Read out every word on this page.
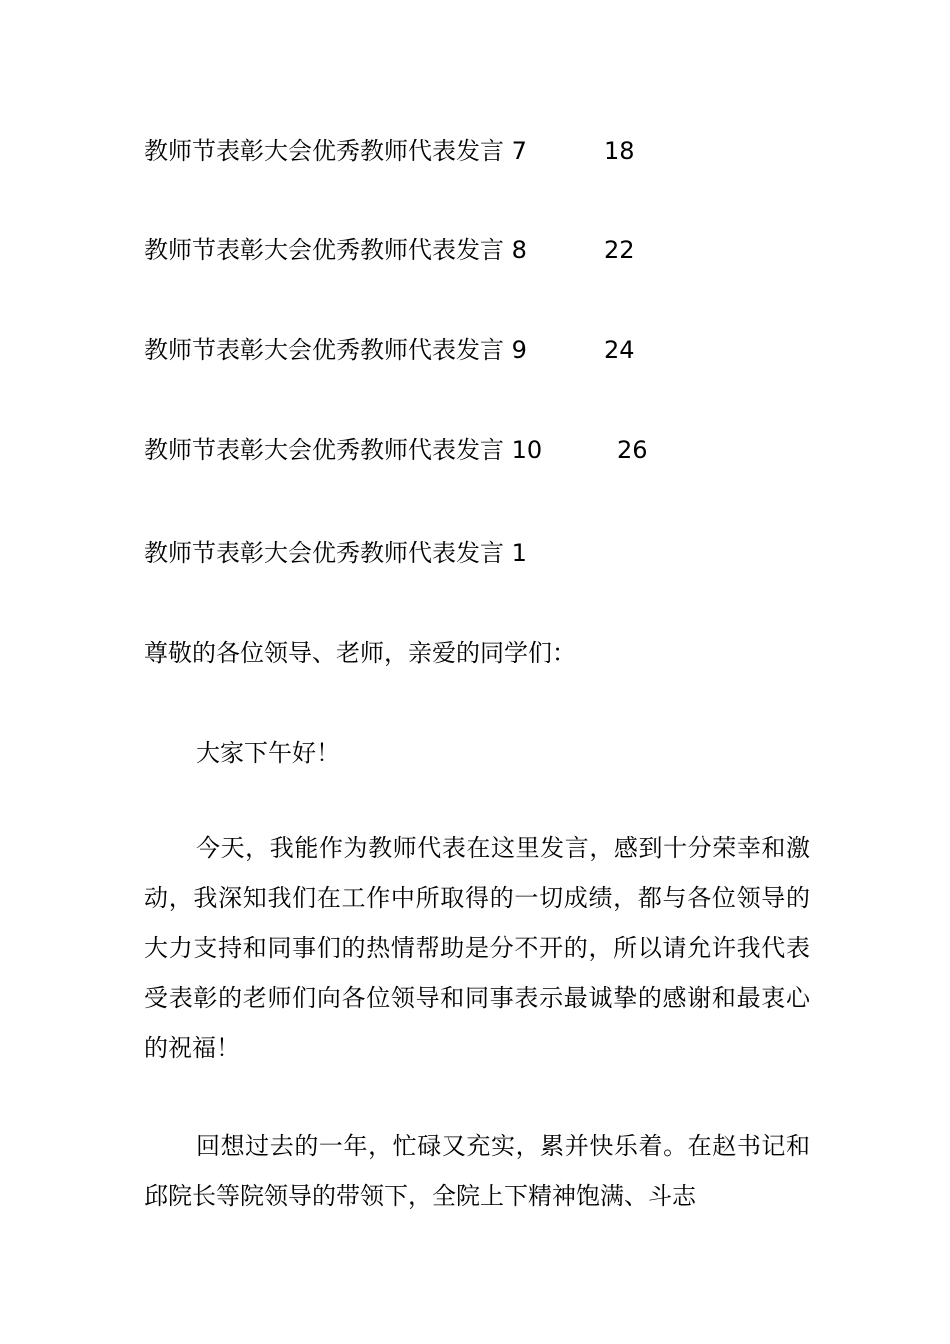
教师节表彰大会优秀教师代表发言 7	18
教师节表彰大会优秀教师代表发言 8	22
教师节表彰大会优秀教师代表发言 9	24
教师节表彰大会优秀教师代表发言 10	26
教师节表彰大会优秀教师代表发言 1
尊敬的各位领导、老师，亲爱的同学们：
大家下午好！
今天，我能作为教师代表在这里发言，感到十分荣幸和激动，我深知我们在工作中所取得的一切成绩，都与各位领导的大力支持和同事们的热情帮助是分不开的，所以请允许我代表受表彰的老师们向各位领导和同事表示最诚挚的感谢和最衷心的祝福！
回想过去的一年，忙碌又充实，累并快乐着。在赵书记和邱院长等院领导的带领下，全院上下精神饱满、斗志
